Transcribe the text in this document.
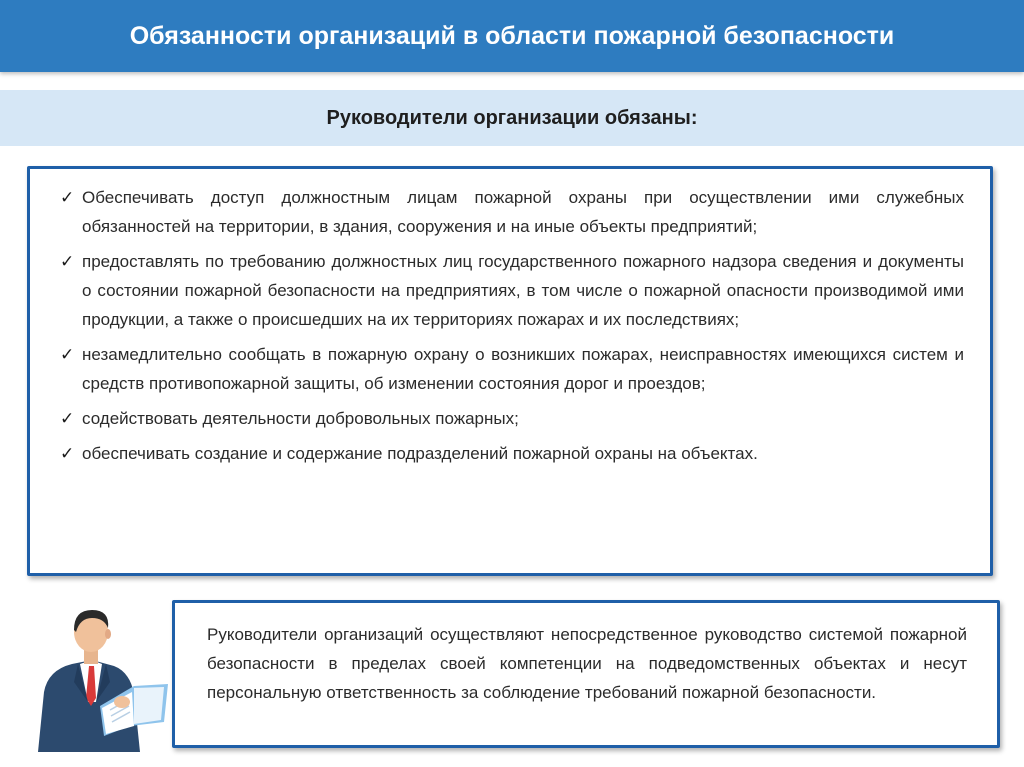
Обязанности организаций в области пожарной безопасности
Руководители организации обязаны:
✓ Обеспечивать доступ должностным лицам пожарной охраны при осуществлении ими служебных обязанностей на территории, в здания, сооружения и на иные объекты предприятий;
✓ предоставлять по требованию должностных лиц государственного пожарного надзора сведения и документы о состоянии пожарной безопасности на предприятиях, в том числе о пожарной опасности производимой ими продукции, а также о происшедших на их территориях пожарах и их последствиях;
✓ незамедлительно сообщать в пожарную охрану о возникших пожарах, неисправностях имеющихся систем и средств противопожарной защиты, об изменении состояния дорог и проездов;
✓ содействовать деятельности добровольных пожарных;
✓ обеспечивать создание и содержание подразделений пожарной охраны на объектах.
Руководители организаций осуществляют непосредственное руководство системой пожарной безопасности в пределах своей компетенции на подведомственных объектах и несут персональную ответственность за соблюдение требований пожарной безопасности.
